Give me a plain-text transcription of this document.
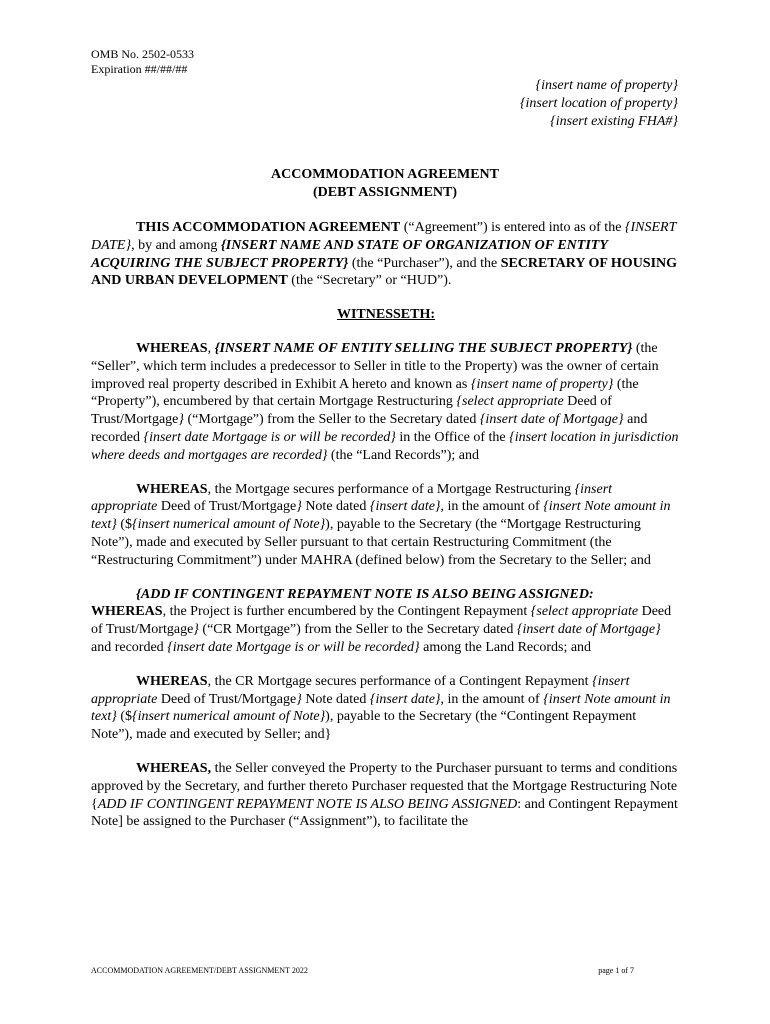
OMB No. 2502-0533
Expiration ##/##/##
{insert name of property}
{insert location of property}
{insert existing FHA#}
ACCOMMODATION AGREEMENT
(DEBT ASSIGNMENT)

THIS ACCOMMODATION AGREEMENT (“Agreement”) is entered into as of the {INSERT DATE}, by and among {INSERT NAME AND STATE OF ORGANIZATION OF ENTITY ACQUIRING THE SUBJECT PROPERTY} (the “Purchaser”), and the SECRETARY OF HOUSING AND URBAN DEVELOPMENT (the “Secretary” or “HUD”).

WITNESSETH:

WHEREAS, {INSERT NAME OF ENTITY SELLING THE SUBJECT PROPERTY} (the “Seller”, which term includes a predecessor to Seller in title to the Property) was the owner of certain improved real property described in Exhibit A hereto and known as {insert name of property} (the “Property”), encumbered by that certain Mortgage Restructuring {select appropriate Deed of Trust/Mortgage} (“Mortgage”) from the Seller to the Secretary dated {insert date of Mortgage} and recorded {insert date Mortgage is or will be recorded} in the Office of the {insert location in jurisdiction where deeds and mortgages are recorded} (the “Land Records”); and

WHEREAS, the Mortgage secures performance of a Mortgage Restructuring {insert appropriate Deed of Trust/Mortgage} Note dated {insert date}, in the amount of {insert Note amount in text} (${insert numerical amount of Note}), payable to the Secretary (the “Mortgage Restructuring Note”), made and executed by Seller pursuant to that certain Restructuring Commitment (the “Restructuring Commitment”) under MAHRA (defined below) from the Secretary to the Seller; and

{ADD IF CONTINGENT REPAYMENT NOTE IS ALSO BEING ASSIGNED:
WHEREAS, the Project is further encumbered by the Contingent Repayment {select appropriate Deed of Trust/Mortgage} (“CR Mortgage”) from the Seller to the Secretary dated {insert date of Mortgage} and recorded {insert date Mortgage is or will be recorded} among the Land Records; and

WHEREAS, the CR Mortgage secures performance of a Contingent Repayment {insert appropriate Deed of Trust/Mortgage} Note dated {insert date}, in the amount of {insert Note amount in text} (${insert numerical amount of Note}), payable to the Secretary (the “Contingent Repayment Note”), made and executed by Seller; and}

WHEREAS, the Seller conveyed the Property to the Purchaser pursuant to terms and conditions approved by the Secretary, and further thereto Purchaser requested that the Mortgage Restructuring Note {ADD IF CONTINGENT REPAYMENT NOTE IS ALSO BEING ASSIGNED: and Contingent Repayment Note] be assigned to the Purchaser (“Assignment”), to facilitate the

ACCOMMODATION AGREEMENT/DEBT ASSIGNMENT 2022	page 1 of 7
